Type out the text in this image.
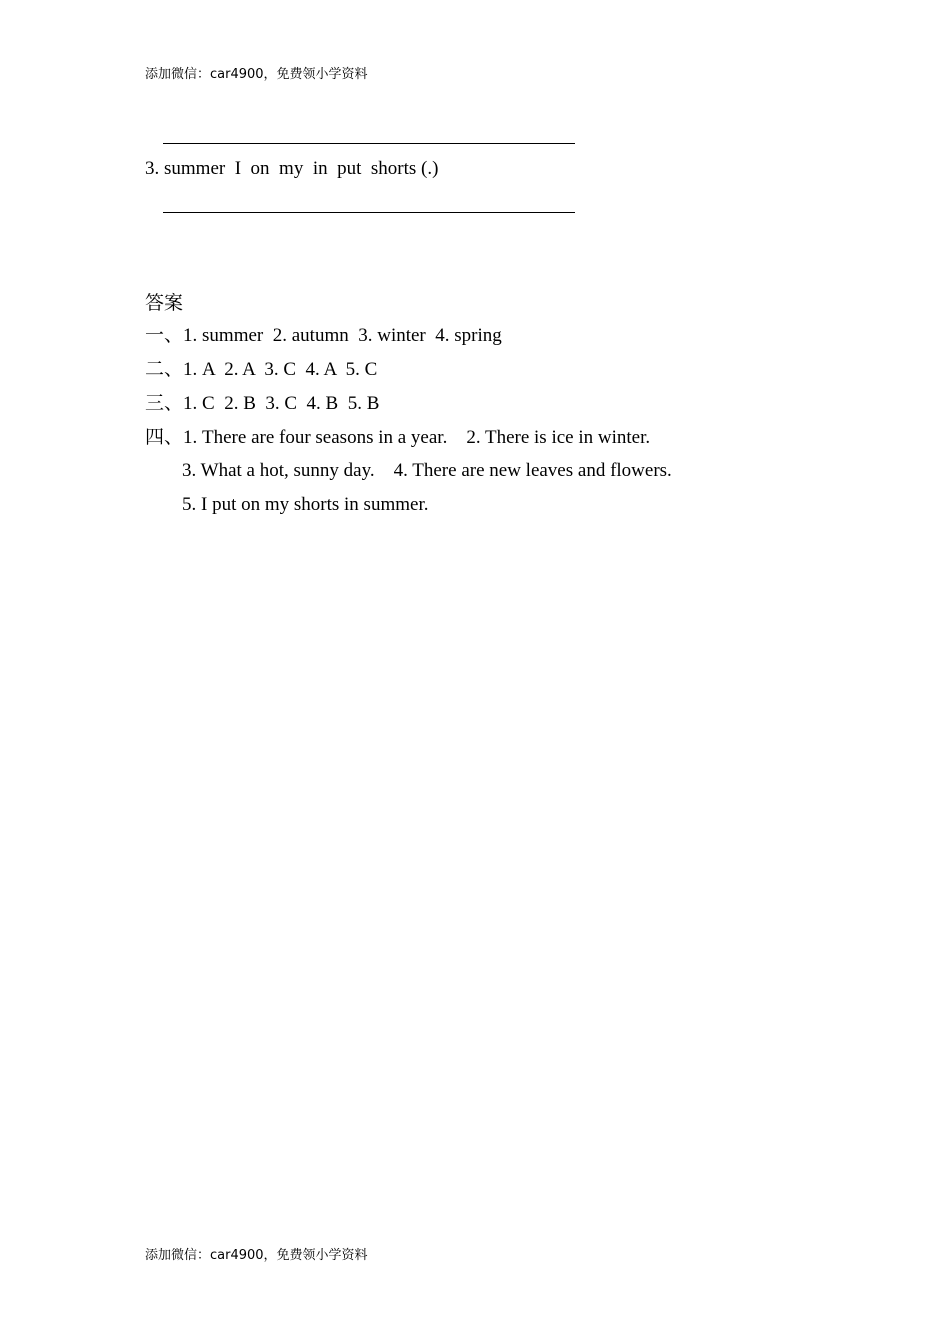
添加微信：car4900，免费领小学资料
3. summer  I  on  my  in  put  shorts (.)
答案
一、1. summer  2. autumn  3. winter  4. spring
二、1. A  2. A  3. C  4. A  5. C
三、1. C  2. B  3. C  4. B  5. B
四、1. There are four seasons in a year.    2. There is ice in winter.
3. What a hot, sunny day.    4. There are new leaves and flowers.
5. I put on my shorts in summer.
添加微信：car4900，免费领小学资料
